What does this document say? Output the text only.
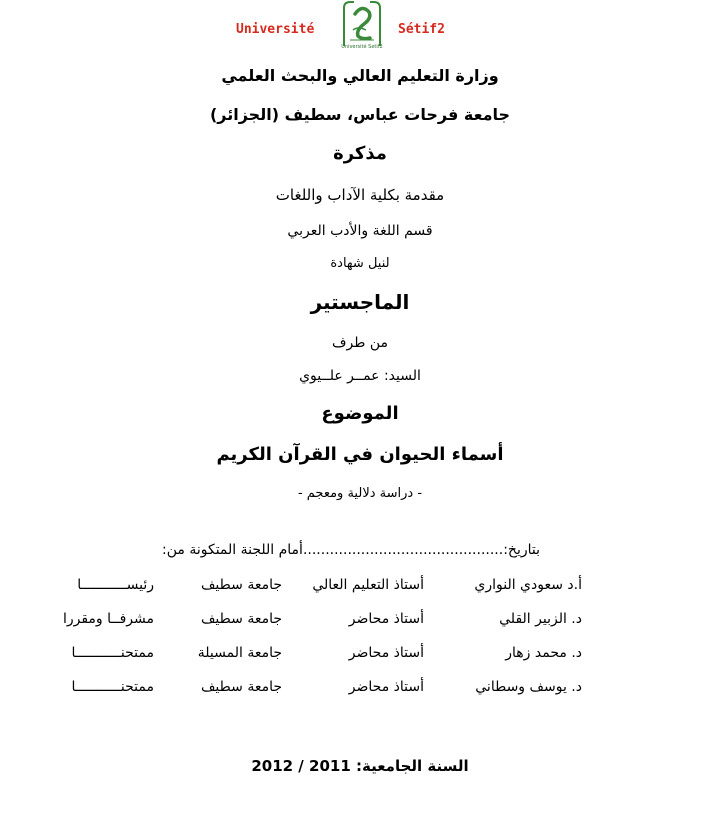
Université
Université Setif2
Sétif2
وزارة التعليم العالي والبحث العلمي
جامعة فرحات عباس، سطيف (الجزائر)
مذكرة
مقدمة بكلية الآداب واللغات
قسم اللغة والأدب العربي
لنيل شهادة
الماجستير
من طرف
السيد: عمــر علــيوي
الموضوع
أسماء الحيوان في القرآن الكريم
- دراسة دلالية ومعجم -
بتاريخ:.............................................أمام اللجنة المتكونة من:
أ.د سعودي النواري
أستاذ التعليم العالي
جامعة سطيف
رئيســـــــــــا
د. الزبير القلي
أستاذ محاضر
جامعة سطيف
مشرفــا ومقررا
د. محمد زهار
أستاذ محاضر
جامعة المسيلة
ممتحنـــــــــــا
د. يوسف وسطاني
أستاذ محاضر
جامعة سطيف
ممتحنـــــــــــا
السنة الجامعية: 2011 / 2012
